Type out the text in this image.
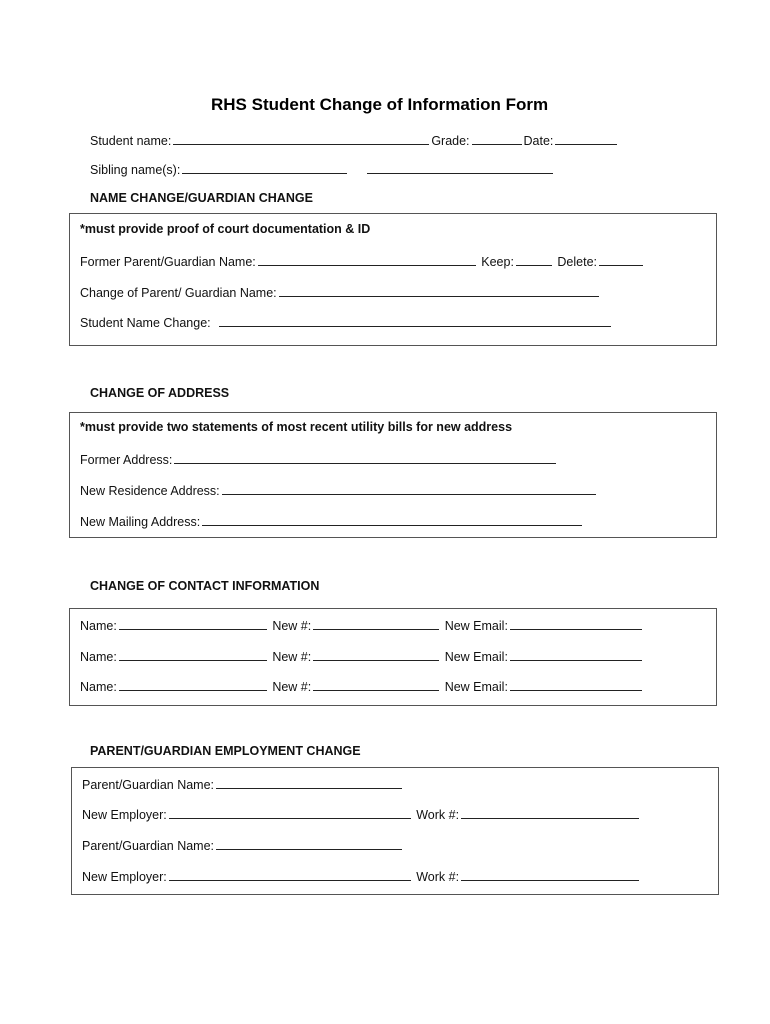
RHS Student Change of Information Form
Student name:	Grade:	Date:
Sibling name(s):
NAME CHANGE/GUARDIAN CHANGE
*must provide proof of court documentation & ID
Former Parent/Guardian Name:	Keep:	Delete:
Change of Parent/ Guardian Name:
Student Name Change:
CHANGE OF ADDRESS
*must provide two statements of most recent utility bills for new address
Former Address:
New Residence Address:
New Mailing Address:
CHANGE OF CONTACT INFORMATION
Name:	New #:	New Email:
Name:	New #:	New Email:
Name:	New #:	New Email:
PARENT/GUARDIAN EMPLOYMENT CHANGE
Parent/Guardian Name:
New Employer:	Work #:
Parent/Guardian Name:
New Employer:	Work #:
